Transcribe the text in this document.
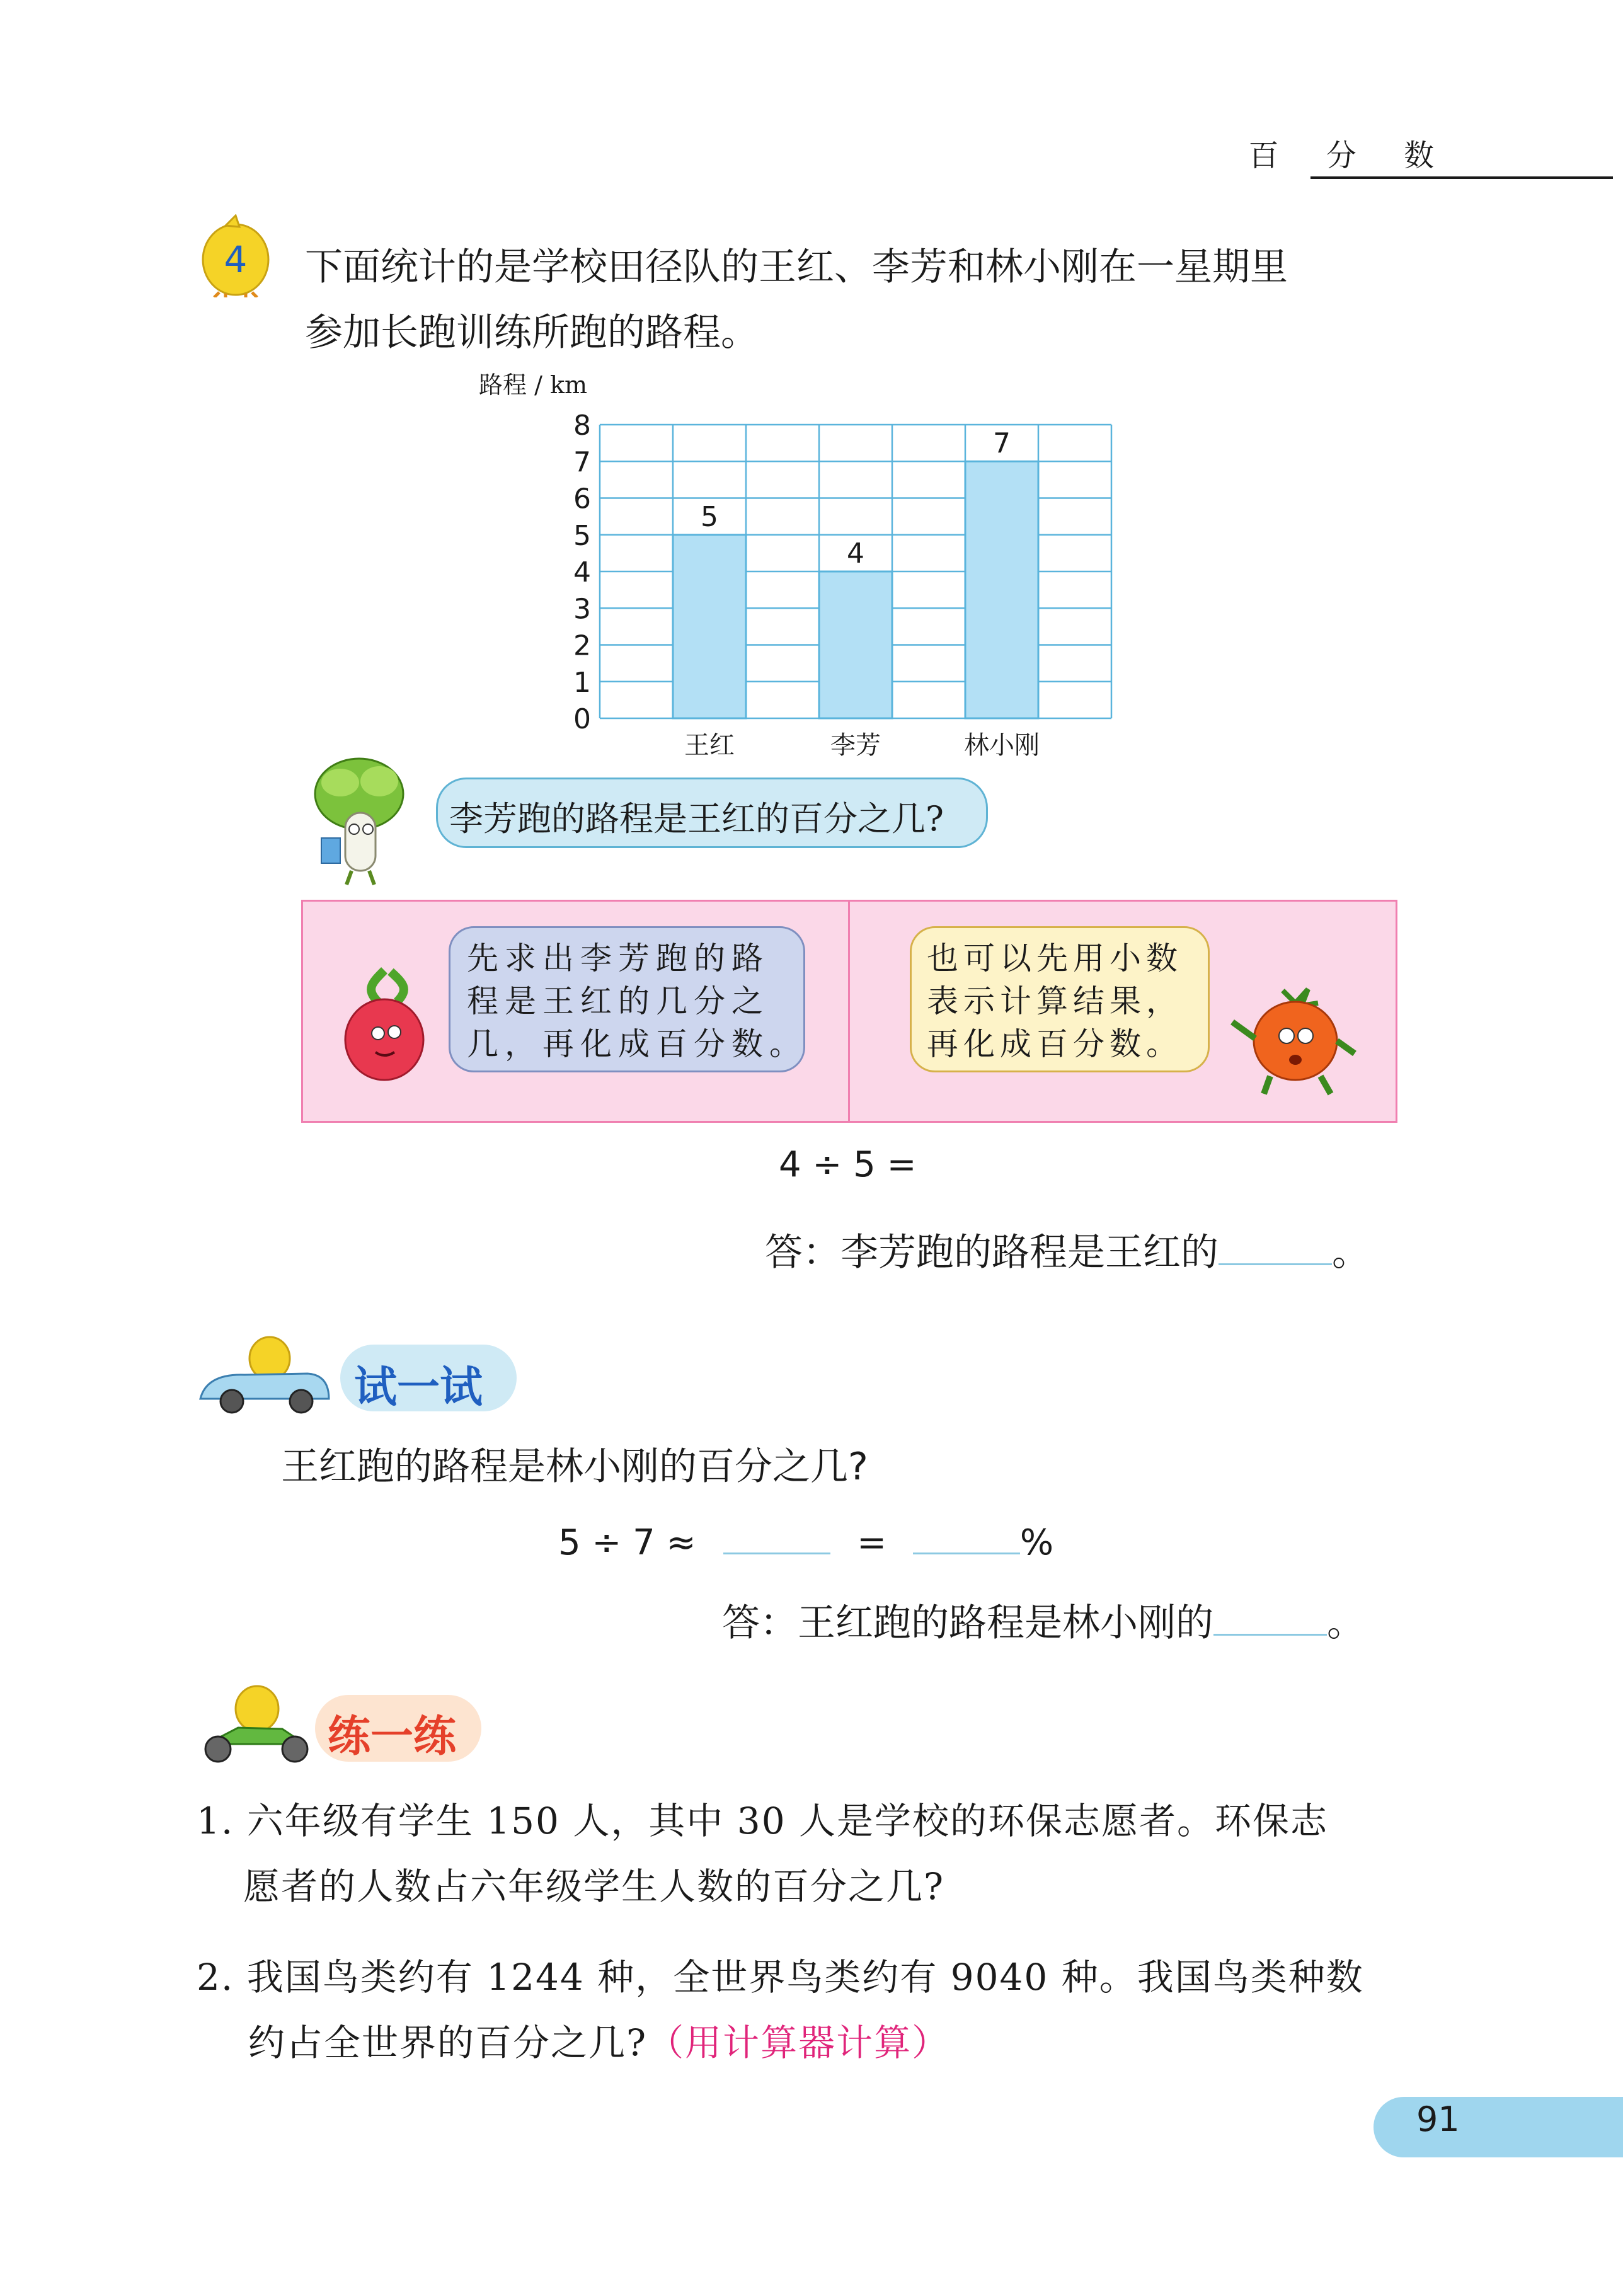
百 分 数
4 下面统计的是学校田径队的王红、李芳和林小刚在一星期里
参加长跑训练所跑的路程。
路程 / km
5
4
7
0
1
2
3
4
5
6
7
8
王红	李芳	林小刚
李芳跑的路程是王红的百分之几?
先求出李芳跑的路
程是王红的几分之
几，再化成百分数。
也可以先用小数
表示计算结果，
再化成百分数。
4 ÷ 5 =
答：李芳跑的路程是王红的	。
试一试
王红跑的路程是林小刚的百分之几?
5 ÷ 7 ≈	=	%
答：王红跑的路程是林小刚的	。
练一练
1. 六年级有学生 150 人，其中 30 人是学校的环保志愿者。环保志
愿者的人数占六年级学生人数的百分之几?
2. 我国鸟类约有 1244 种，全世界鸟类约有 9040 种。我国鸟类种数
约占全世界的百分之几?（用计算器计算）
91
